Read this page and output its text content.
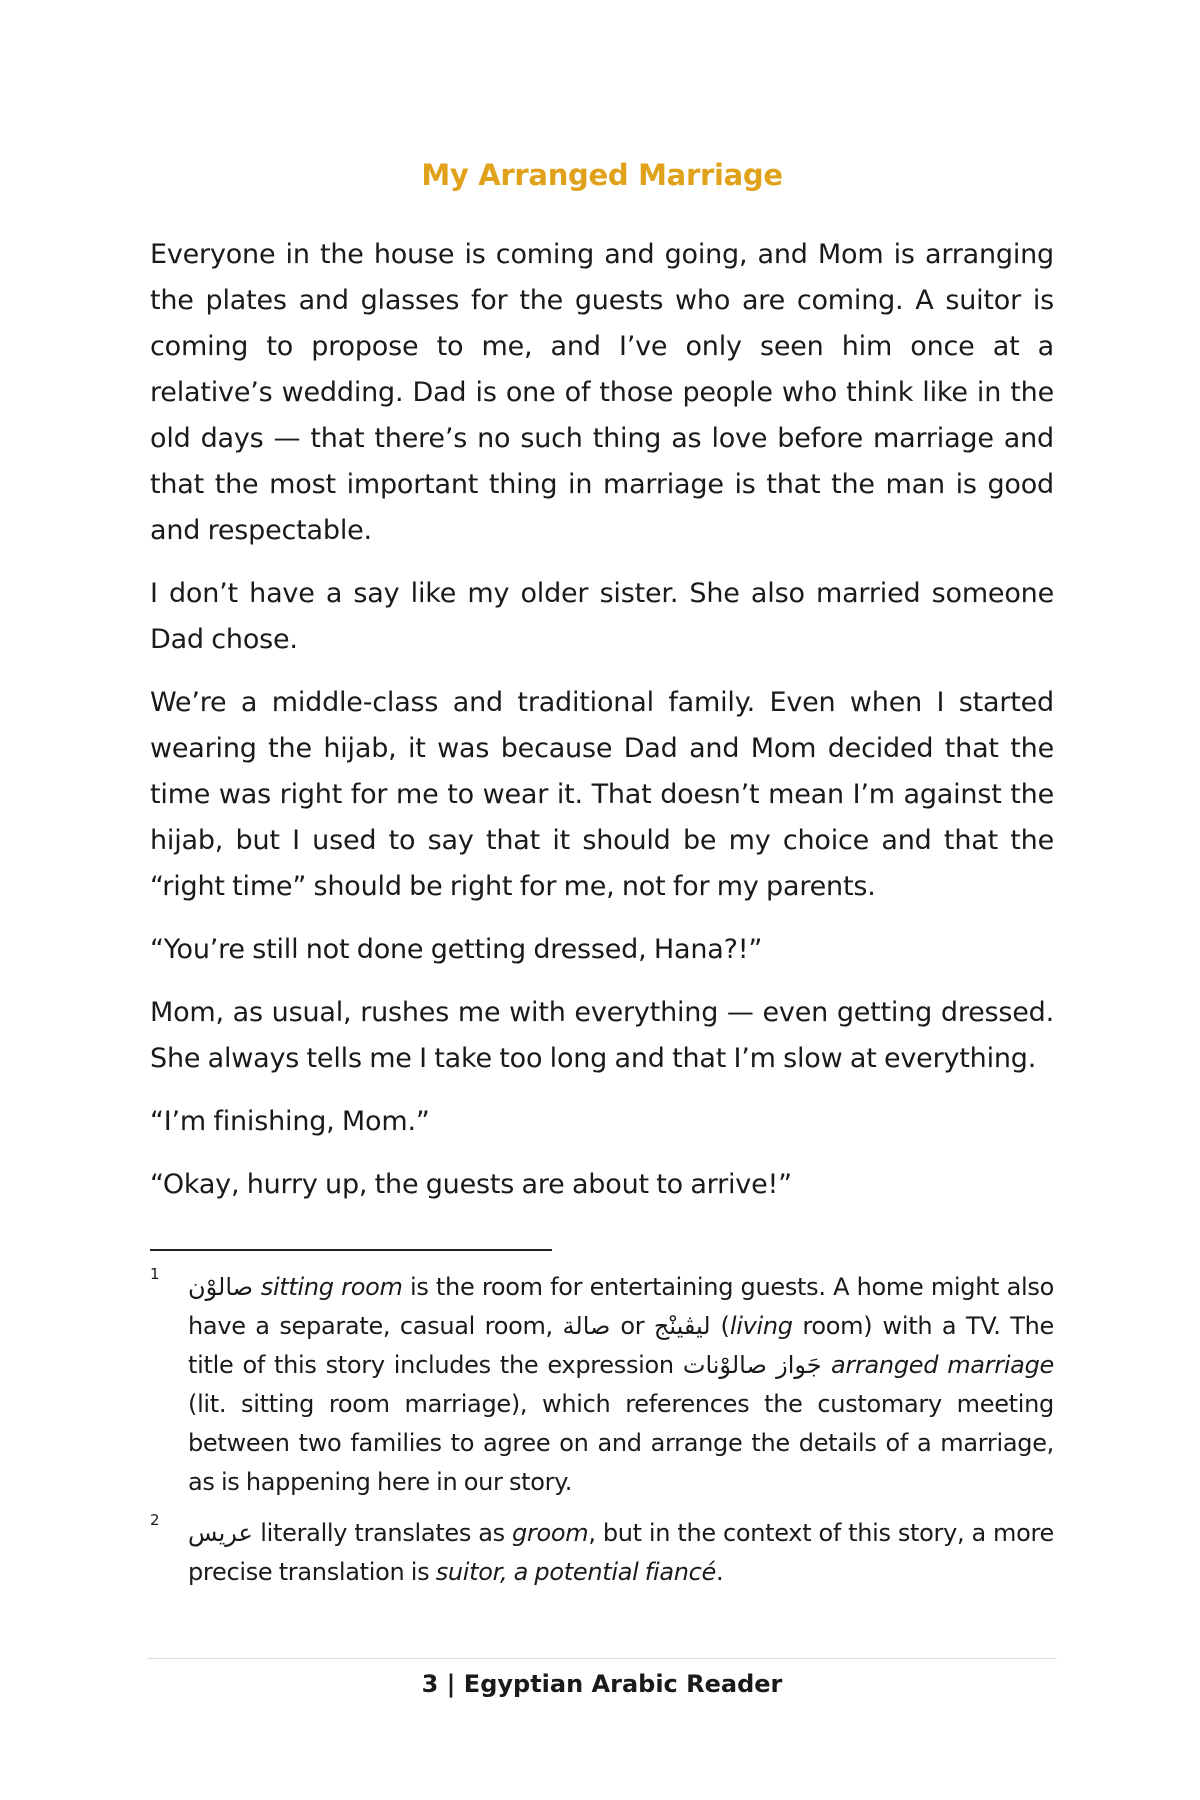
My Arranged Marriage

Everyone in the house is coming and going, and Mom is arranging the plates and glasses for the guests who are coming. A suitor is coming to propose to me, and I’ve only seen him once at a relative’s wedding. Dad is one of those people who think like in the old days — that there’s no such thing as love before marriage and that the most important thing in marriage is that the man is good and respectable.

I don’t have a say like my older sister. She also married someone Dad chose.

We’re a middle-class and traditional family. Even when I started wearing the hijab, it was because Dad and Mom decided that the time was right for me to wear it. That doesn’t mean I’m against the hijab, but I used to say that it should be my choice and that the “right time” should be right for me, not for my parents.

“You’re still not done getting dressed, Hana?!”

Mom, as usual, rushes me with everything — even getting dressed. She always tells me I take too long and that I’m slow at everything.

“I’m finishing, Mom.”

“Okay, hurry up, the guests are about to arrive!”

1 صالوْن sitting room is the room for entertaining guests. A home might also have a separate, casual room, صالة or ليڤينْج (living room) with a TV. The title of this story includes the expression جَواز صالوْنات arranged marriage (lit. sitting room marriage), which references the customary meeting between two families to agree on and arrange the details of a marriage, as is happening here in our story.
2 عريس literally translates as groom, but in the context of this story, a more precise translation is suitor, a potential fiancé.
3 | Egyptian Arabic Reader
